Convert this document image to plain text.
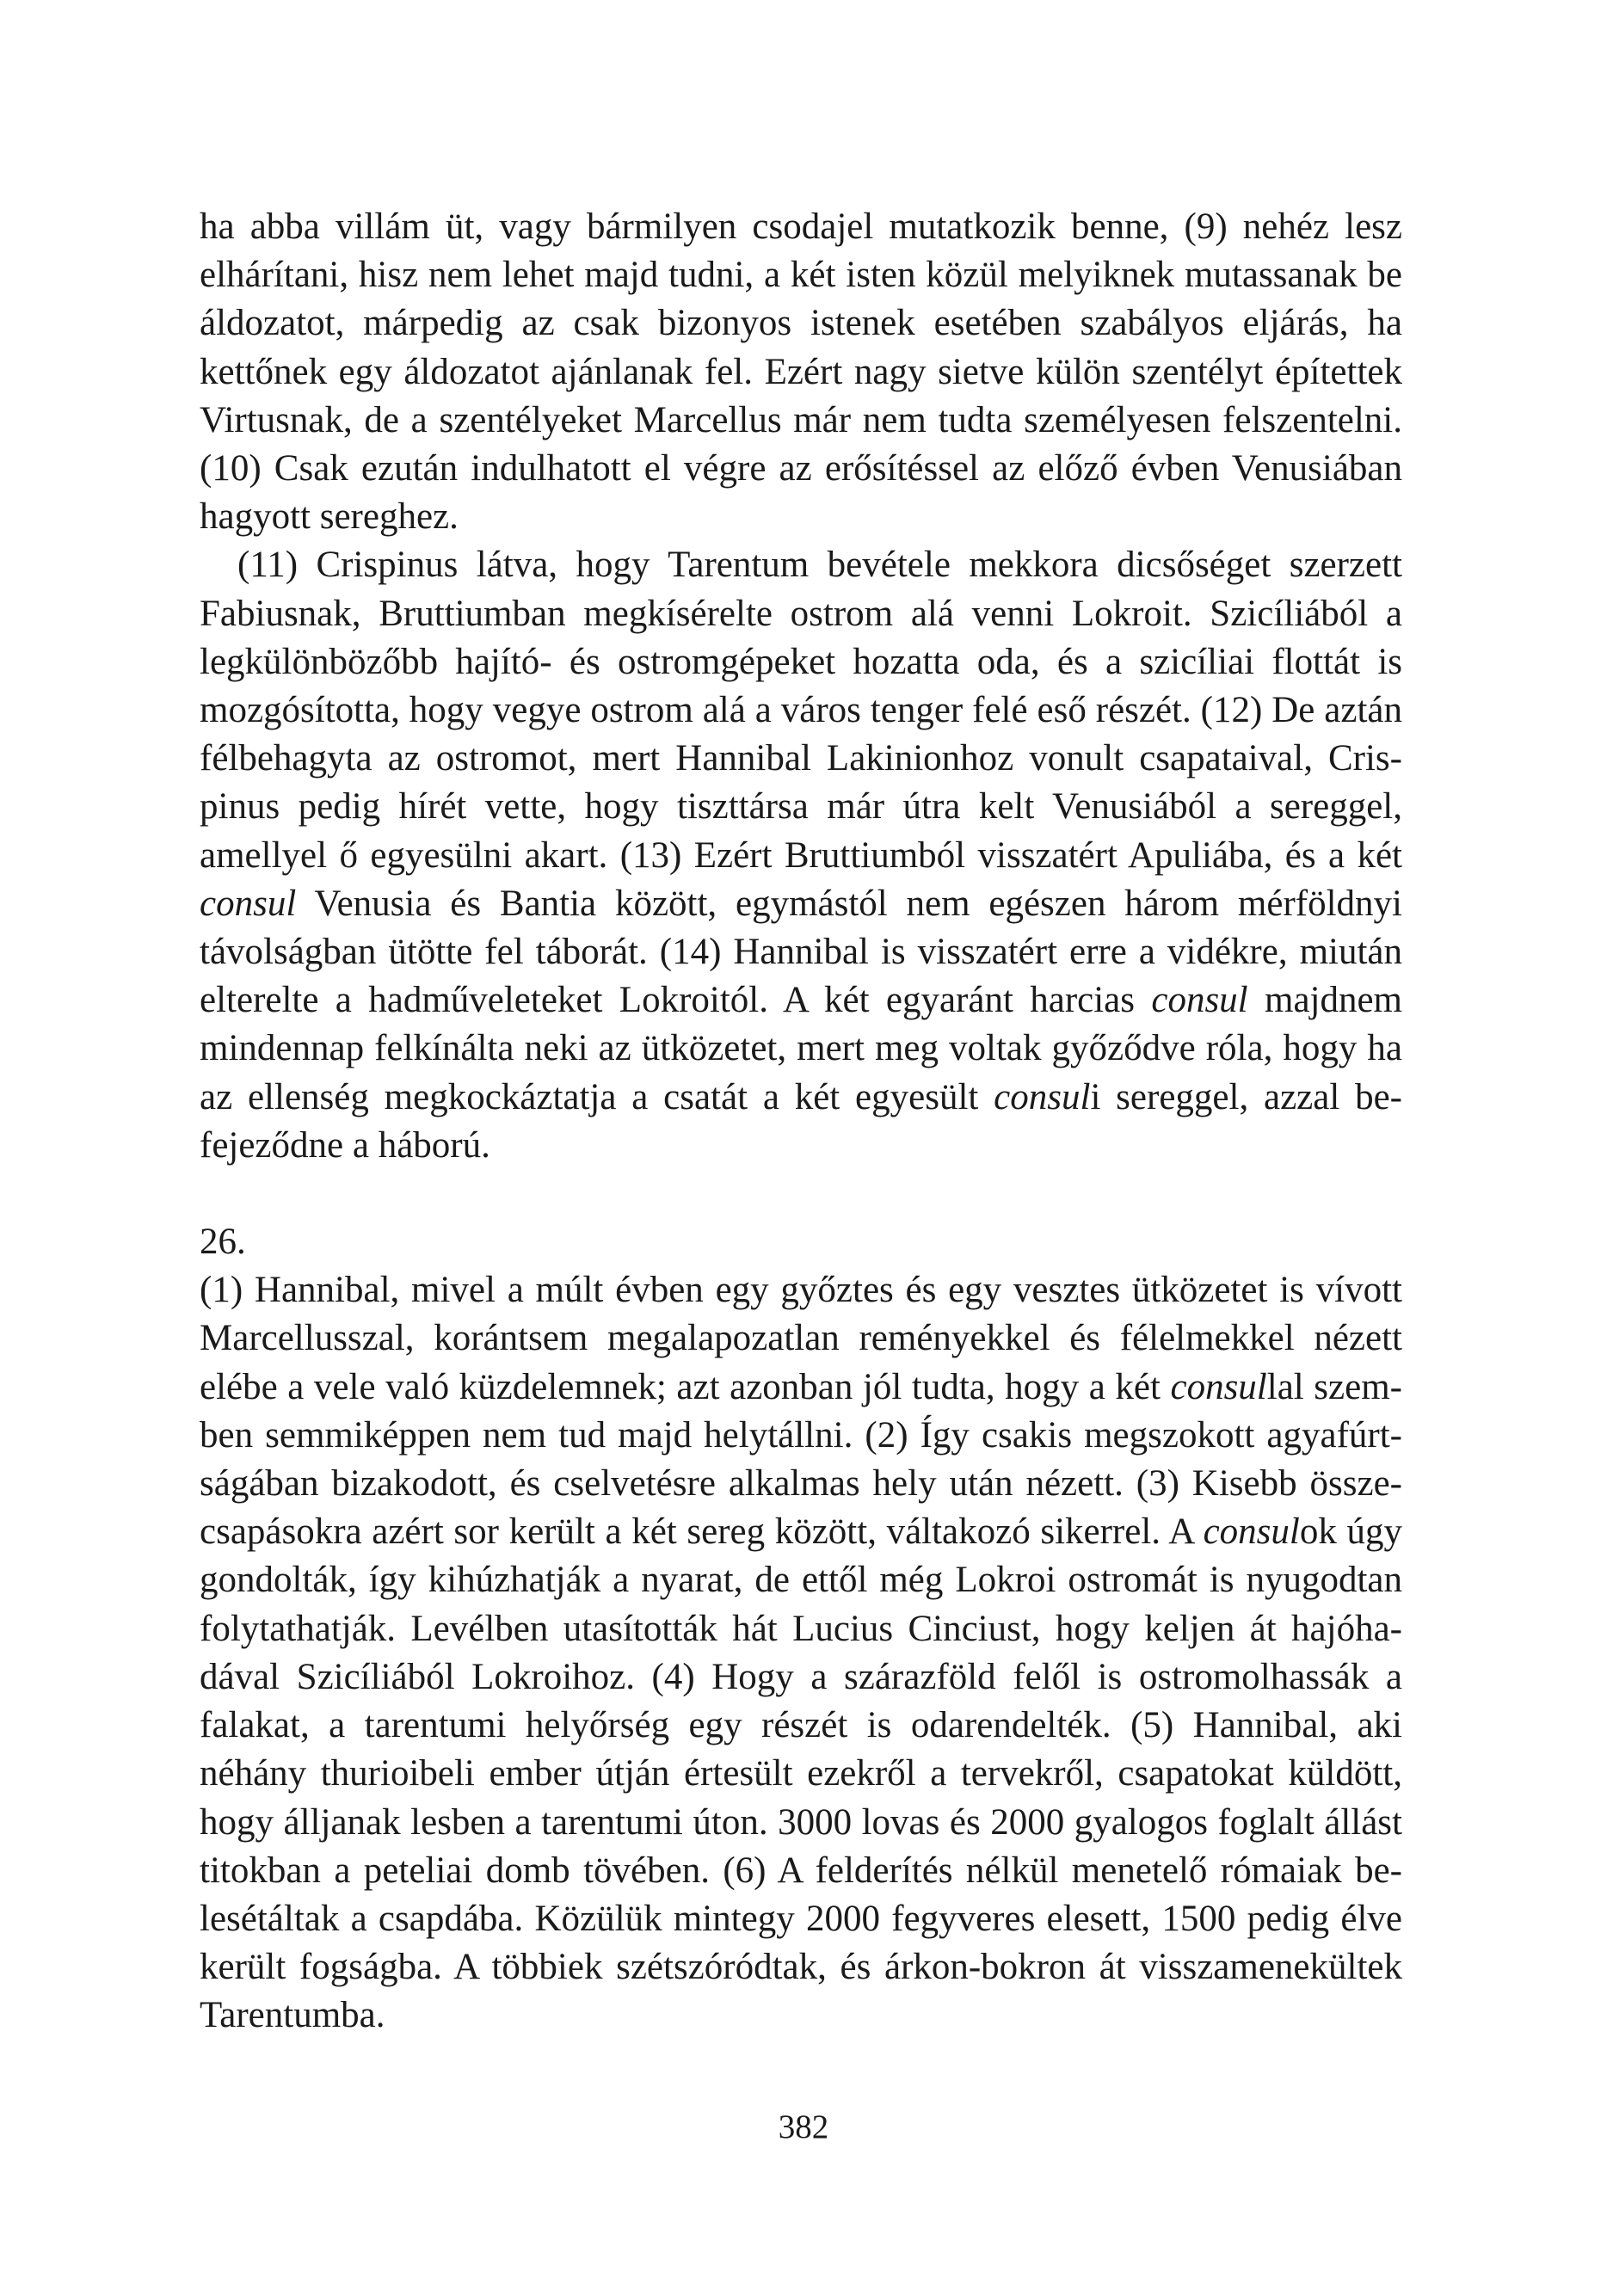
ha abba villám üt, vagy bármilyen csodajel mutatkozik benne, (9) nehéz lesz elhárítani, hisz nem lehet majd tudni, a két isten közül melyiknek mutassanak be áldozatot, márpedig az csak bizonyos istenek esetében szabályos eljárás, ha kettőnek egy áldozatot ajánlanak fel. Ezért nagy sietve külön szentélyt építettek Virtusnak, de a szentélyeket Marcellus már nem tudta személyesen felszentelni. (10) Csak ezután indulhatott el végre az erősítéssel az előző évben Venusiában hagyott sereghez.

(11) Crispinus látva, hogy Tarentum bevétele mekkora dicsőséget szerzett Fabiusnak, Bruttiumban megkísérelte ostrom alá venni Lokroit. Szicíliából a legkülönbözőbb hajító- és ostromgépeket hozatta oda, és a szicíliai flottát is mozgósította, hogy vegye ostrom alá a város tenger felé eső részét. (12) De aztán félbehagyta az ostromot, mert Hannibal Lakinionhoz vonult csapataival, Crispinus pedig hírét vette, hogy tiszttársa már útra kelt Venusiából a sereggel, amellyel ő egyesülni akart. (13) Ezért Bruttiumból visszatért Apuliába, és a két consul Venusia és Bantia között, egymástól nem egészen három mérföldnyi távolságban ütötte fel táborát. (14) Hannibal is visszatért erre a vidékre, miután elterelte a hadműveleteket Lokroitól. A két egyaránt harcias consul majdnem mindennap felkínálta neki az ütközetet, mert meg voltak győződve róla, hogy ha az ellenség megkockáztatja a csatát a két egyesült consuli sereggel, azzal befejeződne a háború.

26.

(1) Hannibal, mivel a múlt évben egy győztes és egy vesztes ütközetet is vívott Marcellusszal, korántsem megalapozatlan reményekkel és félelmekkel nézett elébe a vele való küzdelemnek; azt azonban jól tudta, hogy a két consullal szemben semmiképpen nem tud majd helytállni. (2) Így csakis megszokott agyafúrtságában bizakodott, és cselvetésre alkalmas hely után nézett. (3) Kisebb összecsapásokra azért sor került a két sereg között, váltakozó sikerrel. A consulok úgy gondolták, így kihúzhatják a nyarat, de ettől még Lokroi ostromát is nyugodtan folytathatják. Levélben utasították hát Lucius Cinciust, hogy keljen át hajóhadával Szicíliából Lokroihoz. (4) Hogy a szárazföld felől is ostromolhassák a falakat, a tarentumi helyőrség egy részét is odarendelték. (5) Hannibal, aki néhány thurioibeli ember útján értesült ezekről a tervekről, csapatokat küldött, hogy álljanak lesben a tarentumi úton. 3000 lovas és 2000 gyalogos foglalt állást titokban a peteliai domb tövében. (6) A felderítés nélkül menetelő rómaiak belesétáltak a csapdába. Közülük mintegy 2000 fegyveres elesett, 1500 pedig élve került fogságba. A többiek szétszóródtak, és árkon-bokron át visszamenekültek Tarentumba.

382
